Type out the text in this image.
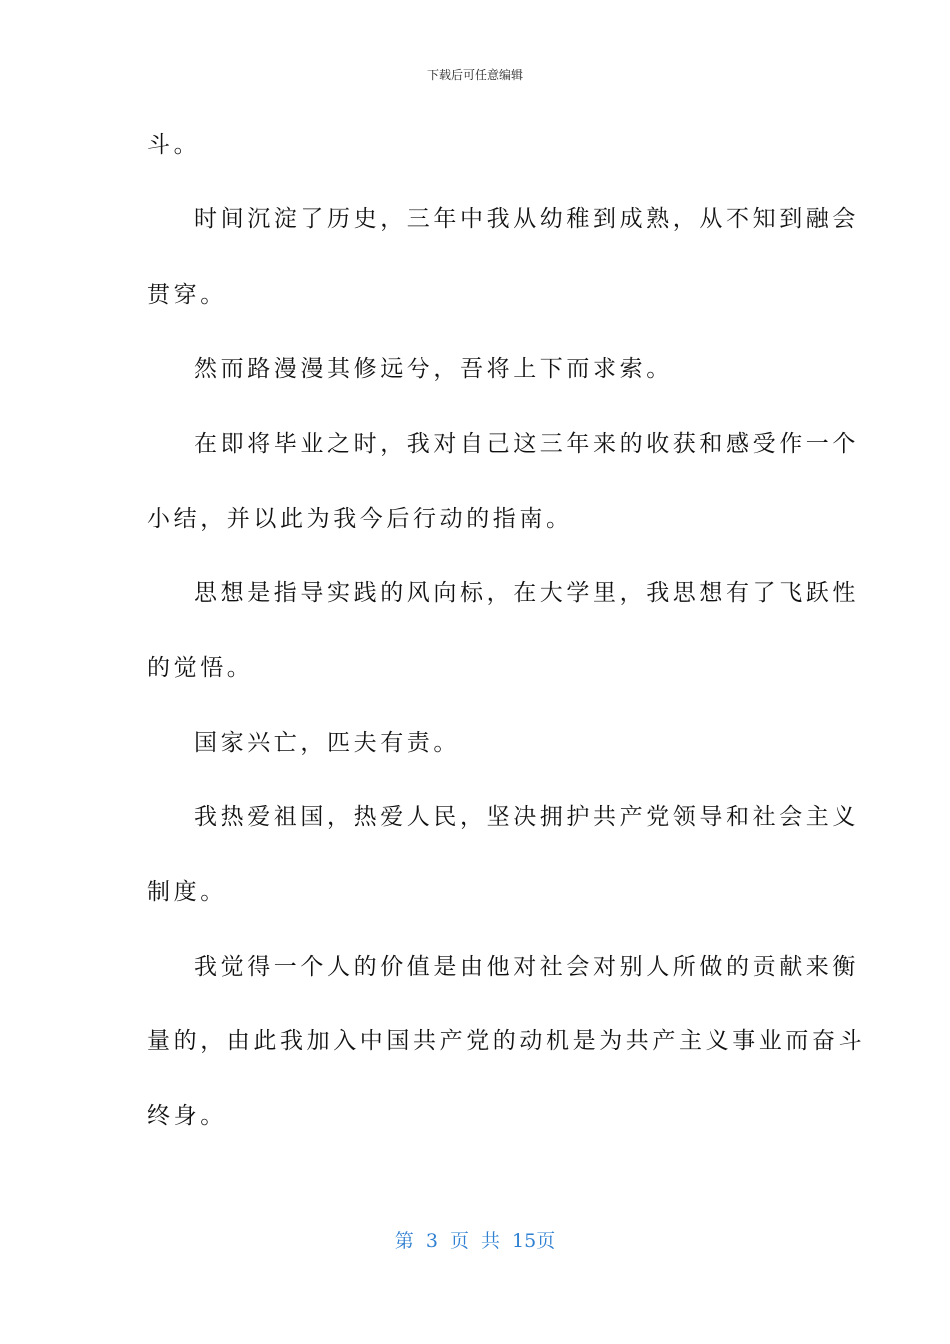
下载后可任意编辑
斗。
时间沉淀了历史，三年中我从幼稚到成熟，从不知到融会
贯穿。
然而路漫漫其修远兮，吾将上下而求索。
在即将毕业之时，我对自己这三年来的收获和感受作一个
小结，并以此为我今后行动的指南。
思想是指导实践的风向标，在大学里，我思想有了飞跃性
的觉悟。
国家兴亡，匹夫有责。
我热爱祖国，热爱人民，坚决拥护共产党领导和社会主义
制度。
我觉得一个人的价值是由他对社会对别人所做的贡献来衡
量的，由此我加入中国共产党的动机是为共产主义事业而奋斗
终身。
第 3 页 共 15页
